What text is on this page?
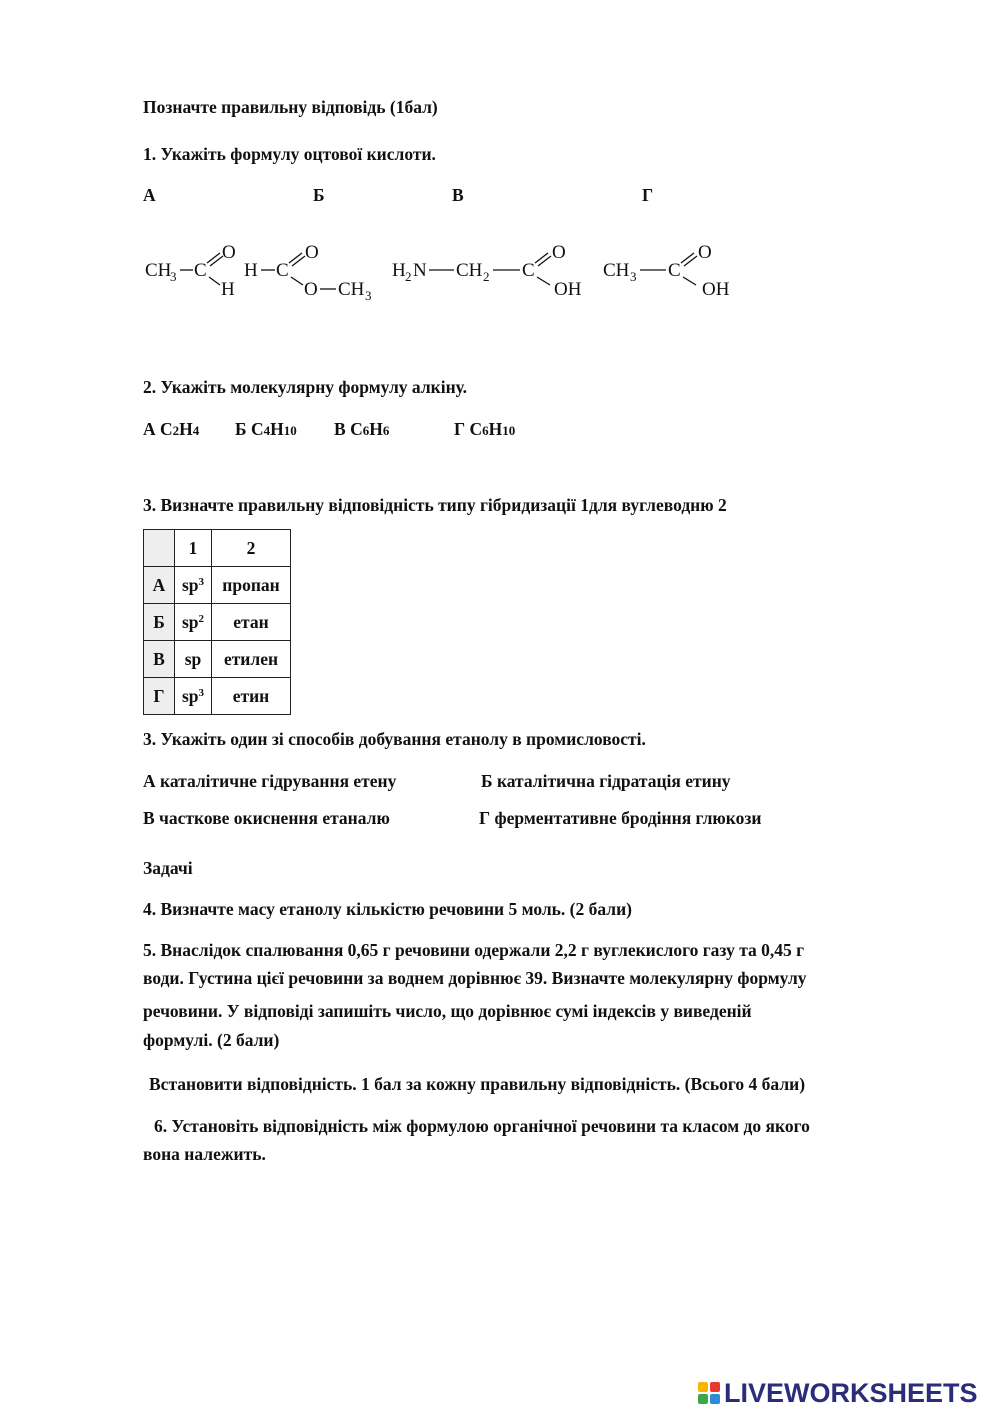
Позначте правильну відповідь (1бал)
1. Укажіть формулу оцтової кислоти.
А	Б	В	Г
CH
3 C
O
H
H C
O
O CH 3
H 2 N CH 2 C
O
OH
CH 3 C
O
OH
2. Укажіть молекулярну формулу алкіну.
А C2H4 Б C4H10 В C6H6	Г C6H10
3. Визначте правильну відповідність типу гібридизації 1для вуглеводню 2
	1	2
А	$sp^3$	пропан
Б	$sp^2$	етан
В	sp	етилен
Г	$sp^3$	етин
3. Укажіть один зі способів добування етанолу в промисловості.
А каталітичне гідрування етену	Б каталітична гідратація етину
В часткове окиснення етаналю	Г ферментативне бродіння глюкози
Задачі
4. Визначте масу етанолу кількістю речовини 5 моль. (2 бали)
5. Внаслідок спалювання 0,65 г речовини одержали 2,2 г вуглекислого газу та 0,45 г
води. Густина цієї речовини за воднем дорівнює 39. Визначте молекулярну формулу
речовини. У відповіді запишіть число, що дорівнює сумі індексів у виведеній
формулі. (2 бали)
Встановити відповідність. 1 бал за кожну правильну відповідність. (Всього 4 бали)
6. Установіть відповідність між формулою органічної речовини та класом до якого
вона належить.
LIVEWORKSHEETS
